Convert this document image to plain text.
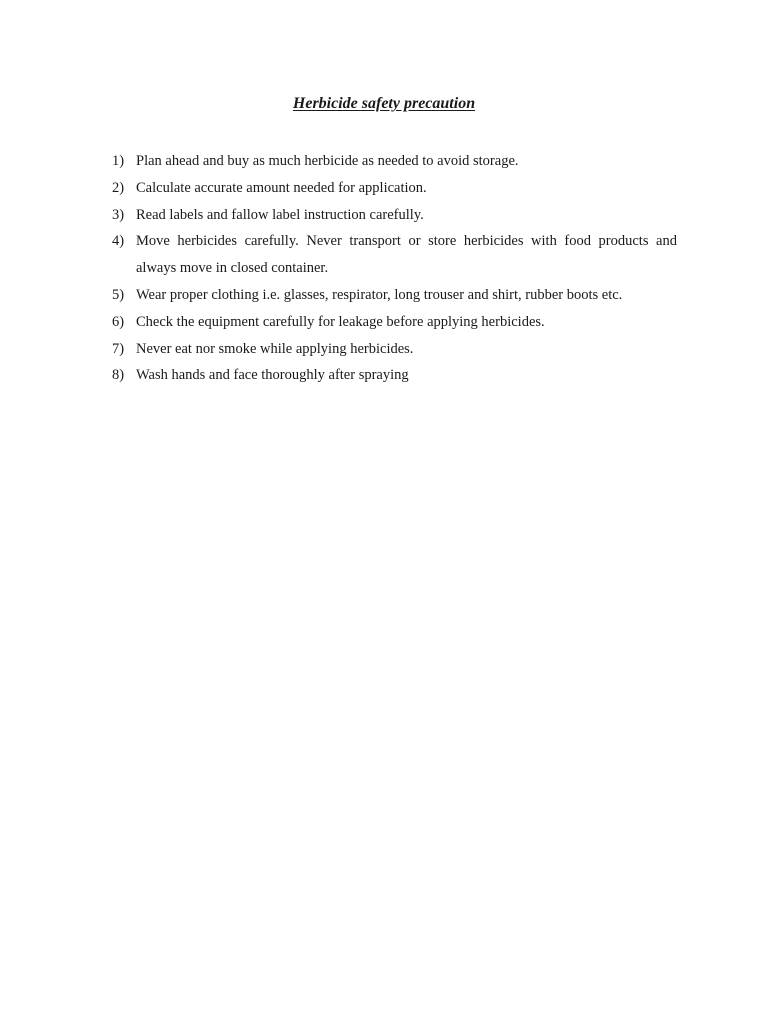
Herbicide safety precaution
1) Plan ahead and buy as much herbicide as needed to avoid storage.
2) Calculate accurate amount needed for application.
3) Read labels and fallow label instruction carefully.
4) Move herbicides carefully. Never transport or store herbicides with food products and always move in closed container.
5) Wear proper clothing i.e. glasses, respirator, long trouser and shirt, rubber boots etc.
6) Check the equipment carefully for leakage before applying herbicides.
7) Never eat nor smoke while applying herbicides.
8) Wash hands and face thoroughly after spraying
